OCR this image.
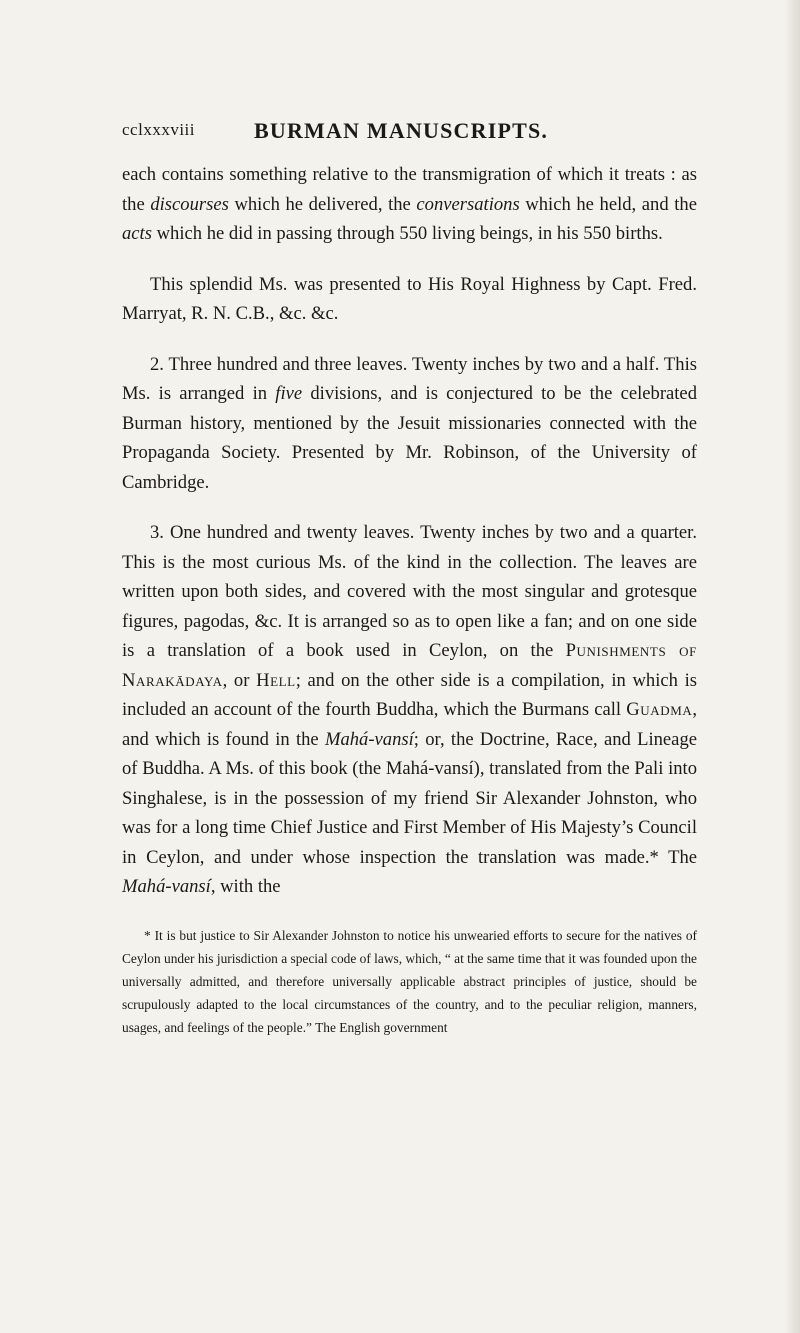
cclxxxviii	BURMAN MANUSCRIPTS.

each contains something relative to the transmigration of which it treats : as the discourses which he delivered, the conversations which he held, and the acts which he did in passing through 550 living beings, in his 550 births.

This splendid Ms. was presented to His Royal Highness by Capt. Fred. Marryat, R. N. C.B., &c. &c.

2. Three hundred and three leaves. Twenty inches by two and a half. This Ms. is arranged in five divisions, and is conjectured to be the celebrated Burman history, mentioned by the Jesuit missionaries connected with the Propaganda Society. Presented by Mr. Robinson, of the University of Cambridge.

3. One hundred and twenty leaves. Twenty inches by two and a quarter. This is the most curious Ms. of the kind in the collection. The leaves are written upon both sides, and covered with the most singular and grotesque figures, pagodas, &c. It is arranged so as to open like a fan; and on one side is a translation of a book used in Ceylon, on the Punishments of Narakādaya, or Hell; and on the other side is a compilation, in which is included an account of the fourth Buddha, which the Burmans call Guadma, and which is found in the Mahá-vansí; or, the Doctrine, Race, and Lineage of Buddha. A Ms. of this book (the Mahá-vansí), translated from the Pali into Singhalese, is in the possession of my friend Sir Alexander Johnston, who was for a long time Chief Justice and First Member of His Majesty’s Council in Ceylon, and under whose inspection the translation was made.* The Mahá-vansí, with the

* It is but justice to Sir Alexander Johnston to notice his unwearied efforts to secure for the natives of Ceylon under his jurisdiction a special code of laws, which, “ at the same time that it was founded upon the universally admitted, and therefore universally applicable abstract principles of justice, should be scrupulously adapted to the local circumstances of the country, and to the peculiar religion, manners, usages, and feelings of the people.” The English government
